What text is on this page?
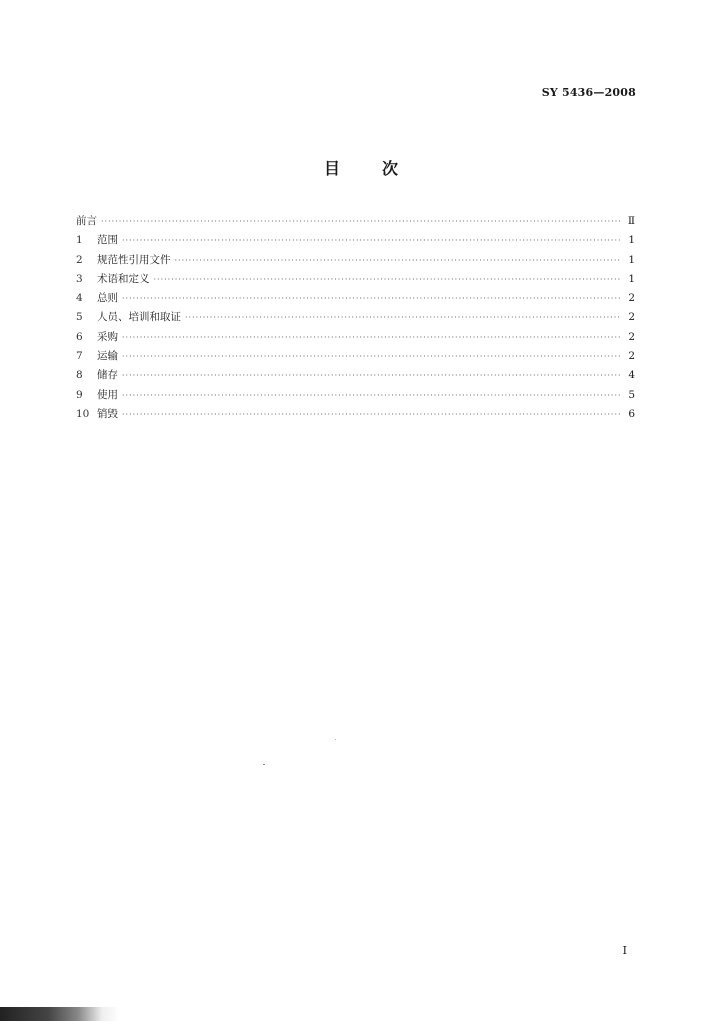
SY 5436—2008
目	次
前言 ·····	Ⅱ
1	范围 ·····	1
2	规范性引用文件 ·····	1
3	术语和定义 ·····	1
4	总则 ·····	2
5	人员、培训和取证 ·····	2
6	采购 ·····	2
7	运输 ·····	2
8	储存 ·····	4
9	使用 ·····	5
10 销毁 ·····	6
I
